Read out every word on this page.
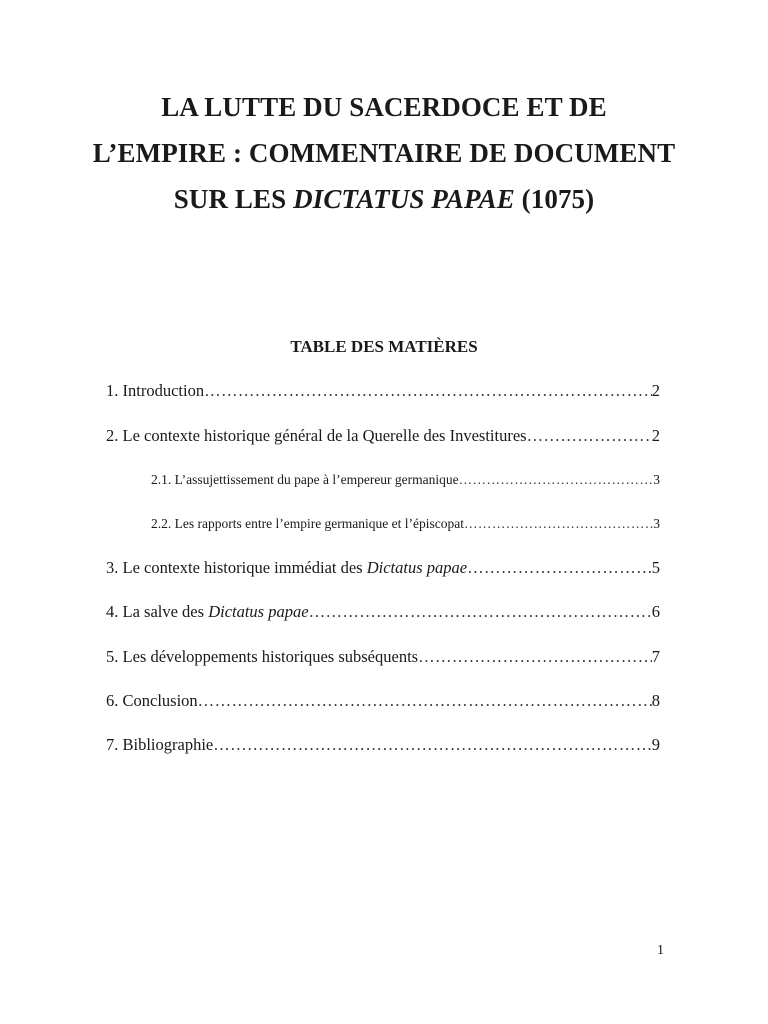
LA LUTTE DU SACERDOCE ET DE
L’EMPIRE : COMMENTAIRE DE DOCUMENT
SUR LES DICTATUS PAPAE (1075)
TABLE DES MATIÈRES
1. Introduction ………………………………………………………………………………………………………………………………………………………	2
2. Le contexte historique général de la Querelle des Investitures ………………………………………………………………………………………………………………………………………………………	2
2.1. L’assujettissement du pape à l’empereur germanique ………………………………………………………………………………………………………………………………………………………	3
2.2. Les rapports entre l’empire germanique et l’épiscopat ………………………………………………………………………………………………………………………………………………………	3
3. Le contexte historique immédiat des Dictatus papae ………………………………………………………………………………………………………………………………………………………	5
4. La salve des Dictatus papae ………………………………………………………………………………………………………………………………………………………	6
5. Les développements historiques subséquents ………………………………………………………………………………………………………………………………………………………	7
6. Conclusion ………………………………………………………………………………………………………………………………………………………	8
7. Bibliographie ………………………………………………………………………………………………………………………………………………………	9
1
